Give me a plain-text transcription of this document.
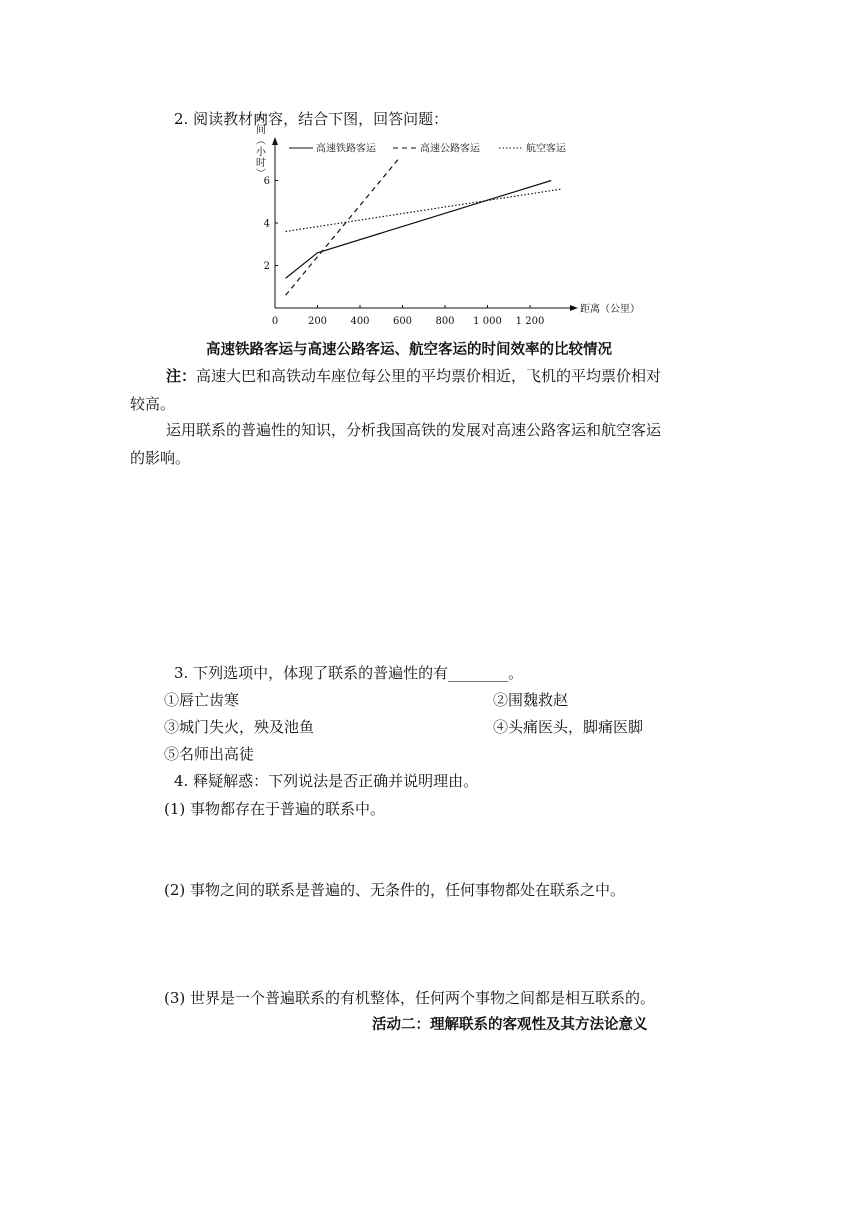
2. 阅读教材内容，结合下图，回答问题：
0	200 400 600 800 1 000 1 200
2
4
6
时间（小时）
距离（公里）
高速铁路客运	高速公路客运	航空客运
高速铁路客运与高速公路客运、航空客运的时间效率的比较情况
注：高速大巴和高铁动车座位每公里的平均票价相近，飞机的平均票价相对
较高。
运用联系的普遍性的知识，分析我国高铁的发展对高速公路客运和航空客运
的影响。
3. 下列选项中，体现了联系的普遍性的有________。
①唇亡齿寒	②围魏救赵
③城门失火，殃及池鱼	④头痛医头，脚痛医脚
⑤名师出高徒
4. 释疑解惑：下列说法是否正确并说明理由。
(1) 事物都存在于普遍的联系中。
(2) 事物之间的联系是普遍的、无条件的，任何事物都处在联系之中。
(3) 世界是一个普遍联系的有机整体，任何两个事物之间都是相互联系的。
活动二：理解联系的客观性及其方法论意义
